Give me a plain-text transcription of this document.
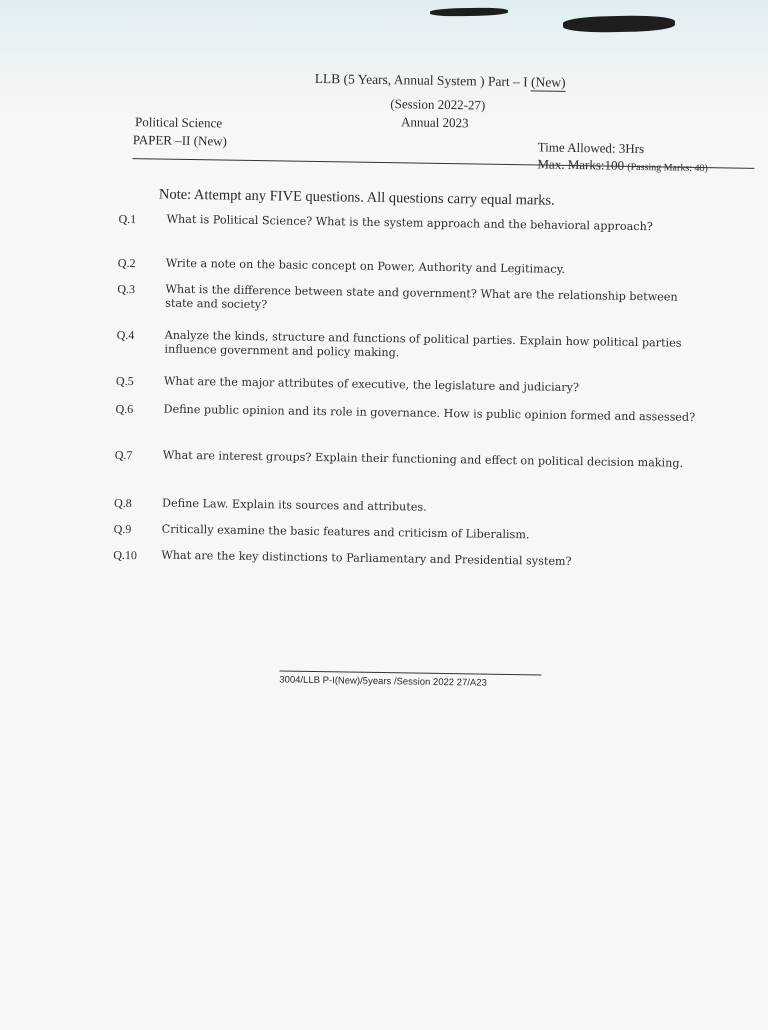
LLB (5 Years, Annual System ) Part – I (New)
(Session 2022-27)
Annual 2023
Political Science
PAPER –II (New)	Time Allowed: 3Hrs
Max. Marks:100 (Passing Marks: 40)
Note: Attempt any FIVE questions. All questions carry equal marks.
Q.1	What is Political Science? What is the system approach and the behavioral approach?
Q.2	Write a note on the basic concept on Power, Authority and Legitimacy.
Q.3	What is the difference between state and government? What are the relationship between state and society?
Q.4	Analyze the kinds, structure and functions of political parties. Explain how political parties influence government and policy making.
Q.5	What are the major attributes of executive, the legislature and judiciary?
Q.6	Define public opinion and its role in governance. How is public opinion formed and assessed?
Q.7	What are interest groups? Explain their functioning and effect on political decision making.
Q.8	Define Law. Explain its sources and attributes.
Q.9	Critically examine the basic features and criticism of Liberalism.
Q.10	What are the key distinctions to Parliamentary and Presidential system?
3004/LLB P-I(New)/5years /Session 2022 27/A23
